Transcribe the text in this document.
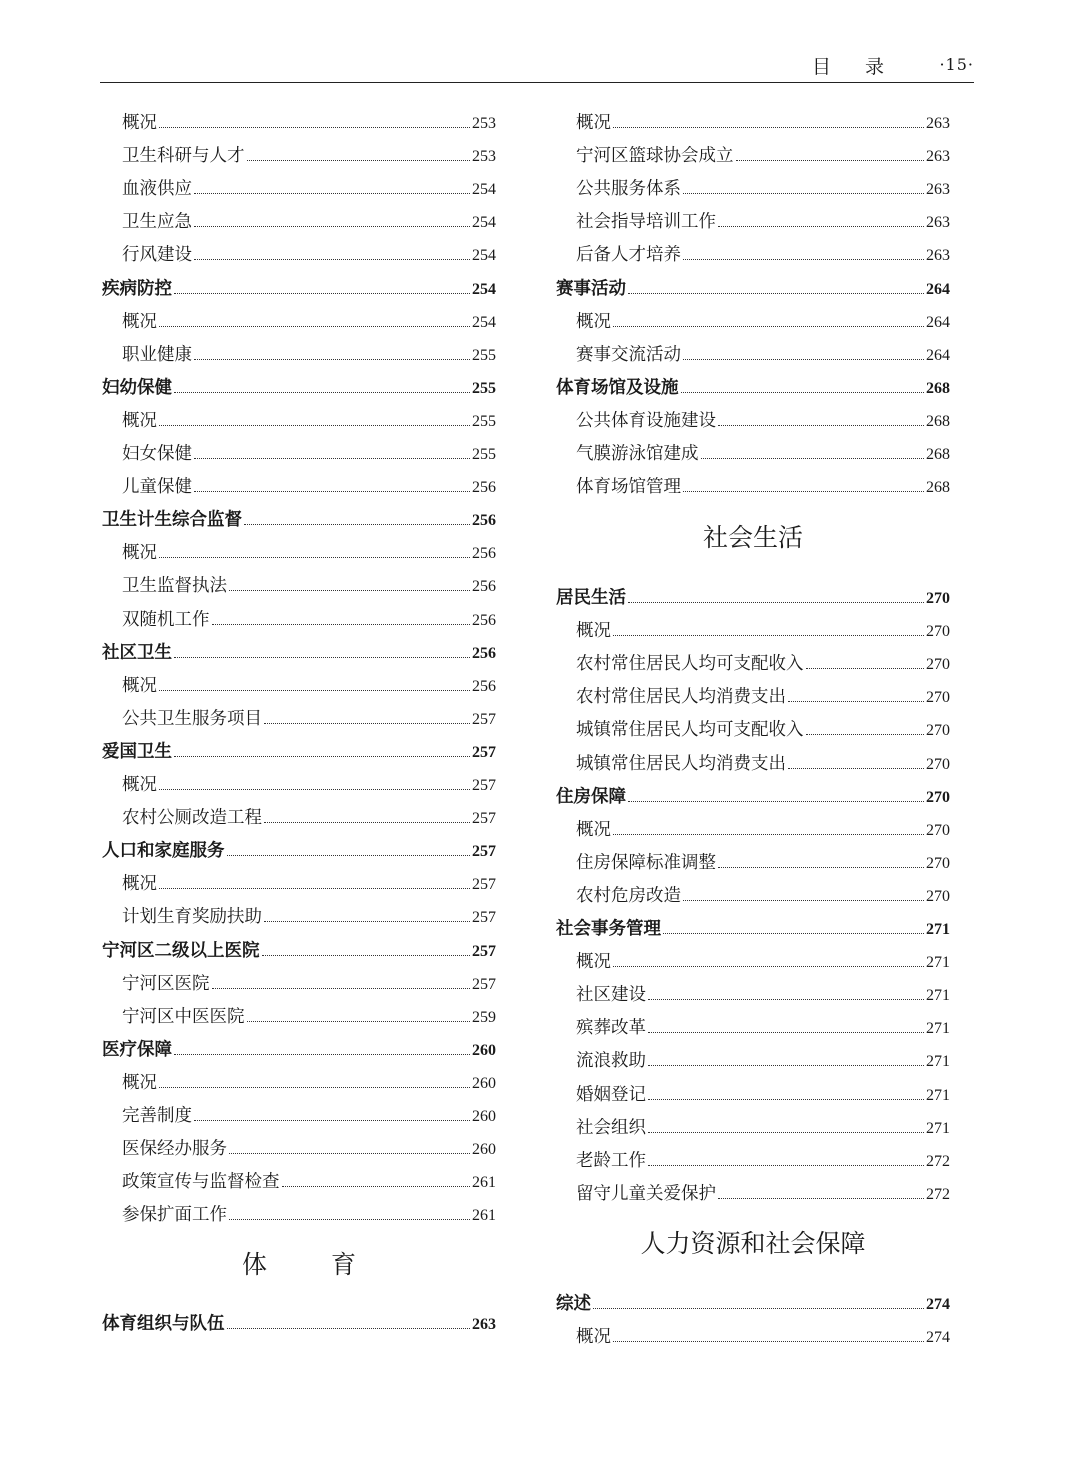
目 录	·15·
概况	253
卫生科研与人才	253
血液供应	254
卫生应急	254
行风建设	254
疾病防控	254
概况	254
职业健康	255
妇幼保健	255
概况	255
妇女保健	255
儿童保健	256
卫生计生综合监督	256
概况	256
卫生监督执法	256
双随机工作	256
社区卫生	256
概况	256
公共卫生服务项目	257
爱国卫生	257
概况	257
农村公厕改造工程	257
人口和家庭服务	257
概况	257
计划生育奖励扶助	257
宁河区二级以上医院	257
宁河区医院	257
宁河区中医医院	259
医疗保障	260
概况	260
完善制度	260
医保经办服务	260
政策宣传与监督检查	261
参保扩面工作	261
体 育
体育组织与队伍	263
概况	263
宁河区篮球协会成立	263
公共服务体系	263
社会指导培训工作	263
后备人才培养	263
赛事活动	264
概况	264
赛事交流活动	264
体育场馆及设施	268
公共体育设施建设	268
气膜游泳馆建成	268
体育场馆管理	268
社会生活
居民生活	270
概况	270
农村常住居民人均可支配收入	270
农村常住居民人均消费支出	270
城镇常住居民人均可支配收入	270
城镇常住居民人均消费支出	270
住房保障	270
概况	270
住房保障标准调整	270
农村危房改造	270
社会事务管理	271
概况	271
社区建设	271
殡葬改革	271
流浪救助	271
婚姻登记	271
社会组织	271
老龄工作	272
留守儿童关爱保护	272
人力资源和社会保障
综述	274
概况	274
